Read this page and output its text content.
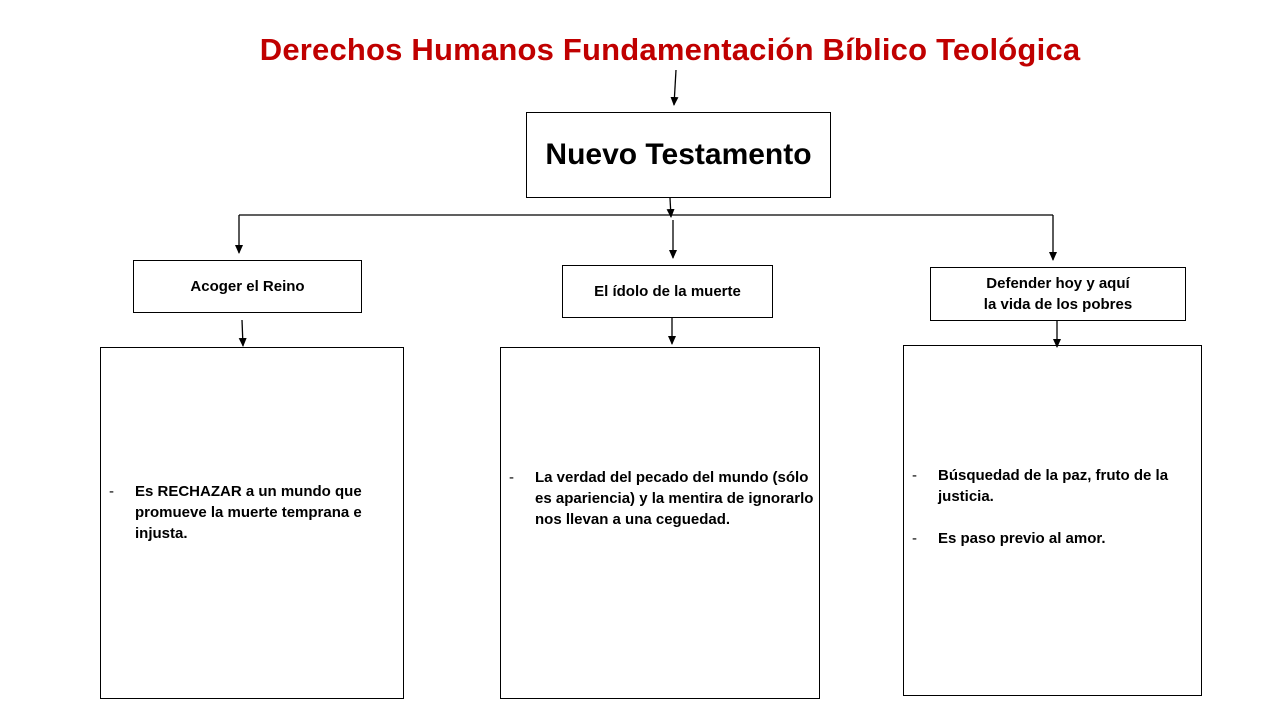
Derechos Humanos Fundamentación Bíblico Teológica
Nuevo Testamento
Acoger el Reino	El ídolo de la muerte	Defender hoy y aquí
la vida de los pobres
- Es RECHAZAR a un mundo que promueve la muerte temprana e injusta.
- La verdad del pecado del mundo (sólo es apariencia) y la mentira de ignorarlo nos llevan a una ceguedad.
- Búsquedad de la paz, fruto de la justicia.
- Es paso previo al amor.
